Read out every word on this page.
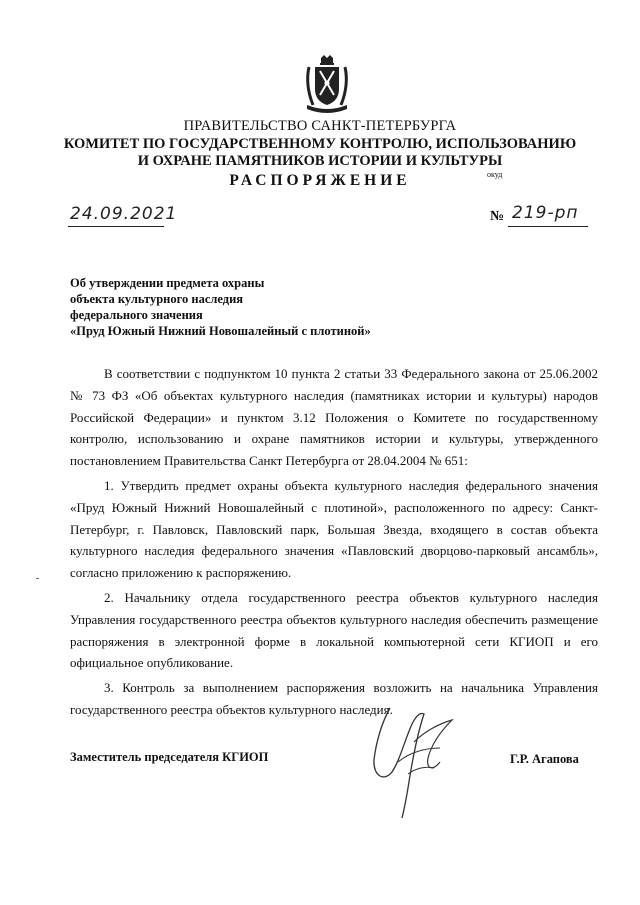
ПРАВИТЕЛЬСТВО САНКТ-ПЕТЕРБУРГА
КОМИТЕТ ПО ГОСУДАРСТВЕННОМУ КОНТРОЛЮ, ИСПОЛЬЗОВАНИЮ
И ОХРАНЕ ПАМЯТНИКОВ ИСТОРИИ И КУЛЬТУРЫ
РАСПОРЯЖЕНИЕ	окуд
24.09.2021	№ 219-рп
Об утверждении предмета охраны
объекта культурного наследия
федерального значения
«Пруд Южный Нижний Новошалейный с плотиной»

В соответствии с подпунктом 10 пункта 2 статьи 33 Федерального закона от 25.06.2002 № 73 ФЗ «Об объектах культурного наследия (памятниках истории и культуры) народов Российской Федерации» и пунктом 3.12 Положения о Комитете по государственному контролю, использованию и охране памятников истории и культуры, утвержденного постановлением Правительства Санкт Петербурга от 28.04.2004 № 651:

1. Утвердить предмет охраны объекта культурного наследия федерального значения «Пруд Южный Нижний Новошалейный с плотиной», расположенного по адресу: Санкт-Петербург, г. Павловск, Павловский парк, Большая Звезда, входящего в состав объекта культурного наследия федерального значения «Павловский дворцово-парковый ансамбль», согласно приложению к распоряжению.

2. Начальнику отдела государственного реестра объектов культурного наследия Управления государственного реестра объектов культурного наследия обеспечить размещение распоряжения в электронной форме в локальной компьютерной сети КГИОП и его официальное опубликование.

3. Контроль за выполнением распоряжения возложить на начальника Управления государственного реестра объектов культурного наследия.

Заместитель председателя КГИОП	Г.Р. Агапова
